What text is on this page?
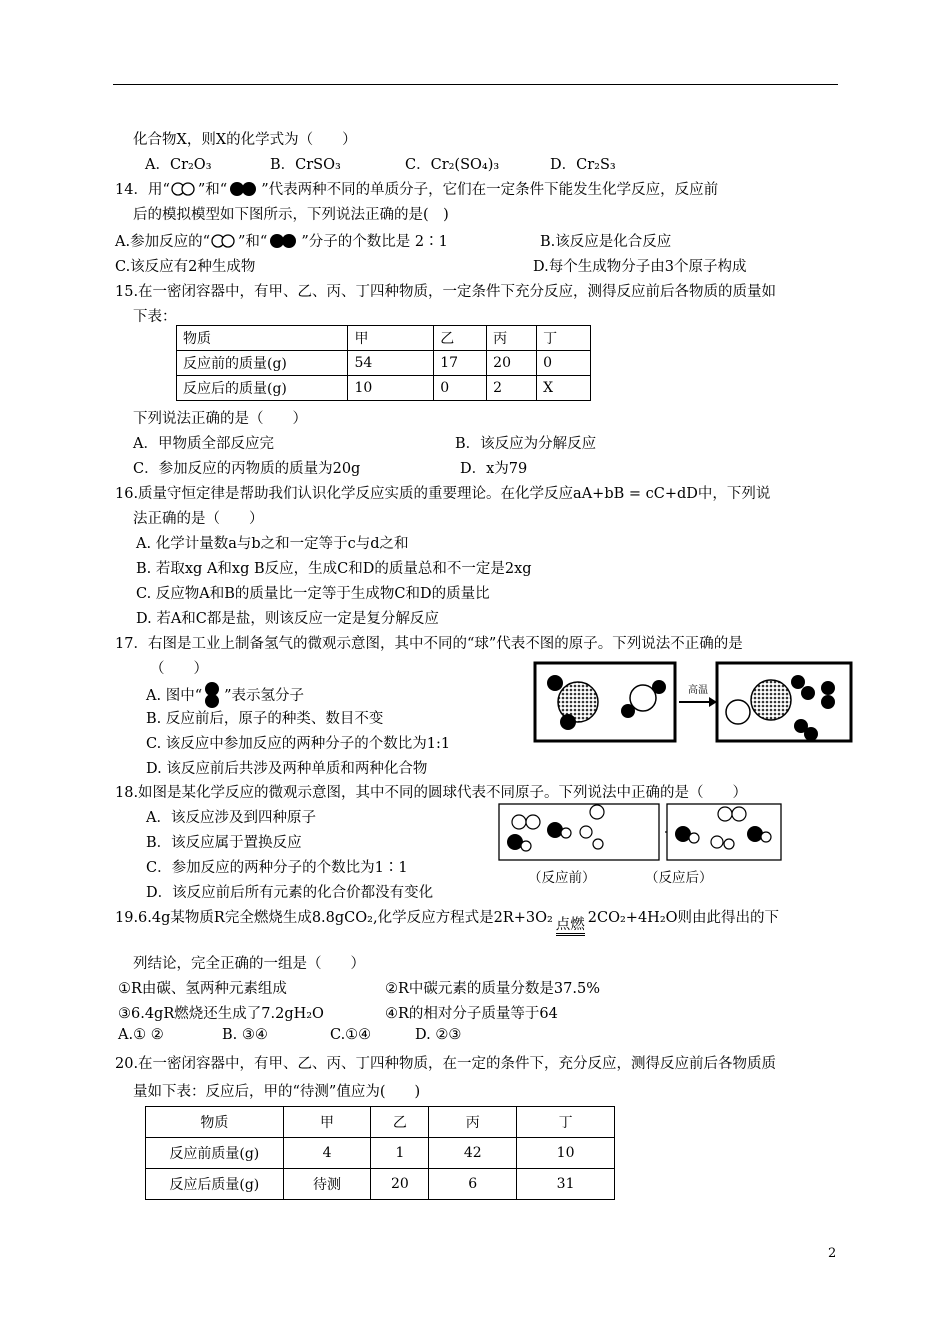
化合物X，则X的化学式为（　　）
A．Cr₂O₃	B．CrSO₃	C．Cr₂(SO₄)₃	D．Cr₂S₃
14．用“ ”和“ ”代表两种不同的单质分子，它们在一定条件下能发生化学反应，反应前
后的模拟模型如下图所示，下列说法正确的是(　)
A.参加反应的“ ”和“ ”分子的个数比是 2∶1	B.该反应是化合反应
C.该反应有2种生成物	D.每个生成物分子由3个原子构成
15.在一密闭容器中，有甲、乙、丙、丁四种物质，一定条件下充分反应，测得反应前后各物质的质量如
下表：
物质	甲	乙	丙	丁
反应前的质量(g)	54	17	20	0
反应后的质量(g)	10	0	2	X
下列说法正确的是（　　）
A．甲物质全部反应完	B．该反应为分解反应
C．参加反应的丙物质的质量为20g	D．x为79
16.质量守恒定律是帮助我们认识化学反应实质的重要理论。在化学反应aA+bB = cC+dD中，下列说
法正确的是（　　）
A. 化学计量数a与b之和一定等于c与d之和
B. 若取xg A和xg B反应，生成C和D的质量总和不一定是2xg
C. 反应物A和B的质量比一定等于生成物C和D的质量比
D. 若A和C都是盐，则该反应一定是复分解反应
17．右图是工业上制备氢气的微观示意图，其中不同的“球”代表不图的原子。下列说法不正确的是
（　　）
A. 图中“ ”表示氢分子
B. 反应前后，原子的种类、数目不变
C. 该反应中参加反应的两种分子的个数比为1:1
D. 该反应前后共涉及两种单质和两种化合物
高温
18.如图是某化学反应的微观示意图，其中不同的圆球代表不同原子。下列说法中正确的是（　　）
A．该反应涉及到四种原子
B．该反应属于置换反应
C．参加反应的两种分子的个数比为1∶1
D．该反应前后所有元素的化合价都没有变化
（反应前）	（反应后）
19.6.4g某物质R完全燃烧生成8.8gCO₂,化学反应方程式是2R+3O₂ 点燃 2CO₂+4H₂O则由此得出的下
列结论，完全正确的一组是（　　）
①R由碳、氢两种元素组成	②R中碳元素的质量分数是37.5%
③6.4gR燃烧还生成了7.2gH₂O	④R的相对分子质量等于64
A.① ②	B. ③④	C.①④	D. ②③
20.在一密闭容器中，有甲、乙、丙、丁四种物质，在一定的条件下，充分反应，测得反应前后各物质质
量如下表：反应后，甲的“待测”值应为(　　)
物质	甲	乙	丙	丁
反应前质量(g)	4	1	42	10
反应后质量(g)	待测	20	6	31
2
